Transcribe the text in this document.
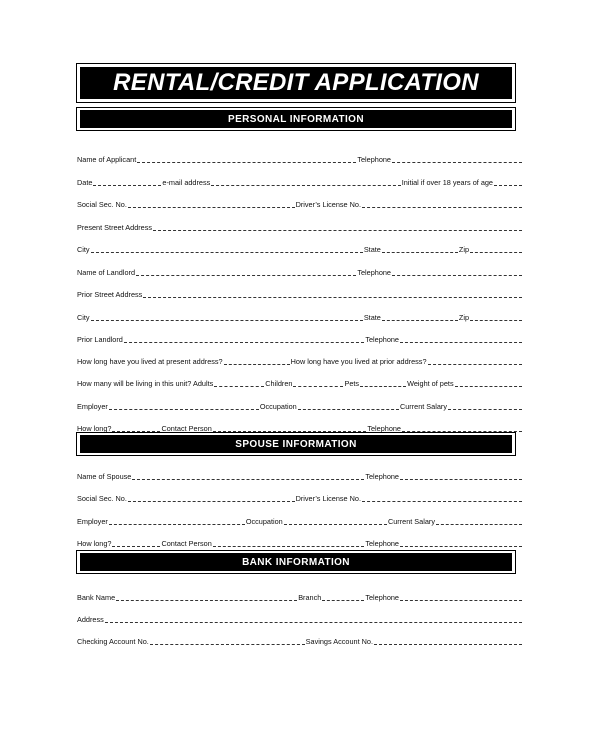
RENTAL/CREDIT APPLICATION
PERSONAL INFORMATION
Name of Applicant	Telephone
Date	e-mail address	Initial if over 18 years of age
Social Sec. No.	Driver’s License No.
Present Street Address
City	State	Zip
Name of Landlord	Telephone
Prior Street Address
City	State	Zip
Prior Landlord	Telephone
How long have you lived at present address?	How long have you lived at prior address?
How many will be living in this unit? Adults	Children	Pets	Weight of pets
Employer	Occupation	Current Salary
How long?	Contact Person	Telephone
SPOUSE INFORMATION
Name of Spouse	Telephone
Social Sec. No.	Driver’s License No.
Employer	Occupation	Current Salary
How long?	Contact Person	Telephone
BANK INFORMATION
Bank Name	Branch	Telephone
Address
Checking Account No.	Savings Account No.
